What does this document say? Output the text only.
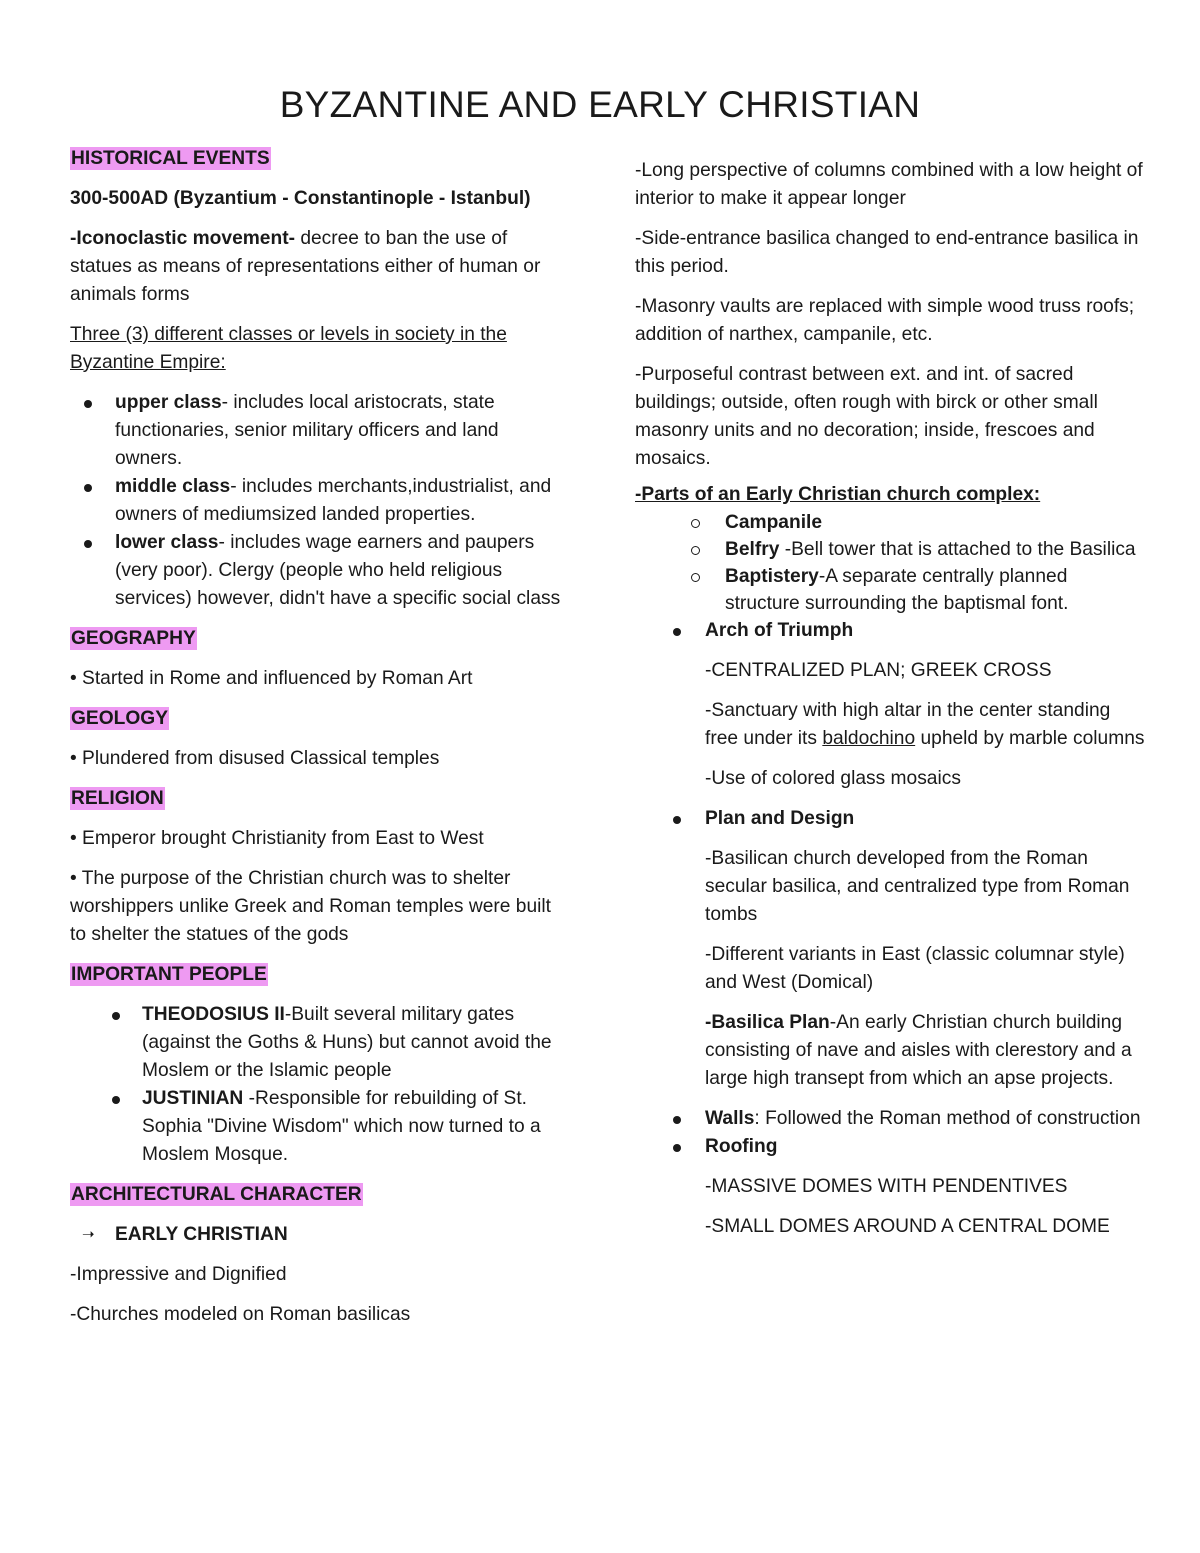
BYZANTINE AND EARLY CHRISTIAN
HISTORICAL EVENTS

300-500AD (Byzantium - Constantinople - Istanbul)

-Iconoclastic movement- decree to ban the use of statues as means of representations either of human or animals forms

Three (3) different classes or levels in society in the Byzantine Empire:

upper class- includes local aristocrats, state functionaries, senior military officers and land owners.
middle class- includes merchants,industrialist, and owners of mediumsized landed properties.
lower class- includes wage earners and paupers (very poor). Clergy (people who held religious services) however, didn't have a specific social class
GEOGRAPHY

• Started in Rome and influenced by Roman Art

GEOLOGY

• Plundered from disused Classical temples

RELIGION

• Emperor brought Christianity from East to West

• The purpose of the Christian church was to shelter worshippers unlike Greek and Roman temples were built to shelter the statues of the gods

IMPORTANT PEOPLE
THEODOSIUS II-Built several military gates (against the Goths & Huns) but cannot avoid the Moslem or the Islamic people
JUSTINIAN -Responsible for rebuilding of St. Sophia "Divine Wisdom" which now turned to a Moslem Mosque.
ARCHITECTURAL CHARACTER
➝ EARLY CHRISTIAN

-Impressive and Dignified

-Churches modeled on Roman basilicas

-Long perspective of columns combined with a low height of interior to make it appear longer

-Side-entrance basilica changed to end-entrance basilica in this period.

-Masonry vaults are replaced with simple wood truss roofs; addition of narthex, campanile, etc.

-Purposeful contrast between ext. and int. of sacred buildings; outside, often rough with birck or other small masonry units and no decoration; inside, frescoes and mosaics.

-Parts of an Early Christian church complex:

Campanile
Belfry -Bell tower that is attached to the Basilica
Baptistery-A separate centrally planned structure surrounding the baptismal font.
Arch of Triumph

-CENTRALIZED PLAN; GREEK CROSS

-Sanctuary with high altar in the center standing free under its baldochino upheld by marble columns

-Use of colored glass mosaics

Plan and Design

-Basilican church developed from the Roman secular basilica, and centralized type from Roman tombs

-Different variants in East (classic columnar style) and West (Domical)

-Basilica Plan-An early Christian church building consisting of nave and aisles with clerestory and a large high transept from which an apse projects.

Walls: Followed the Roman method of construction
Roofing

-MASSIVE DOMES WITH PENDENTIVES

-SMALL DOMES AROUND A CENTRAL DOME
